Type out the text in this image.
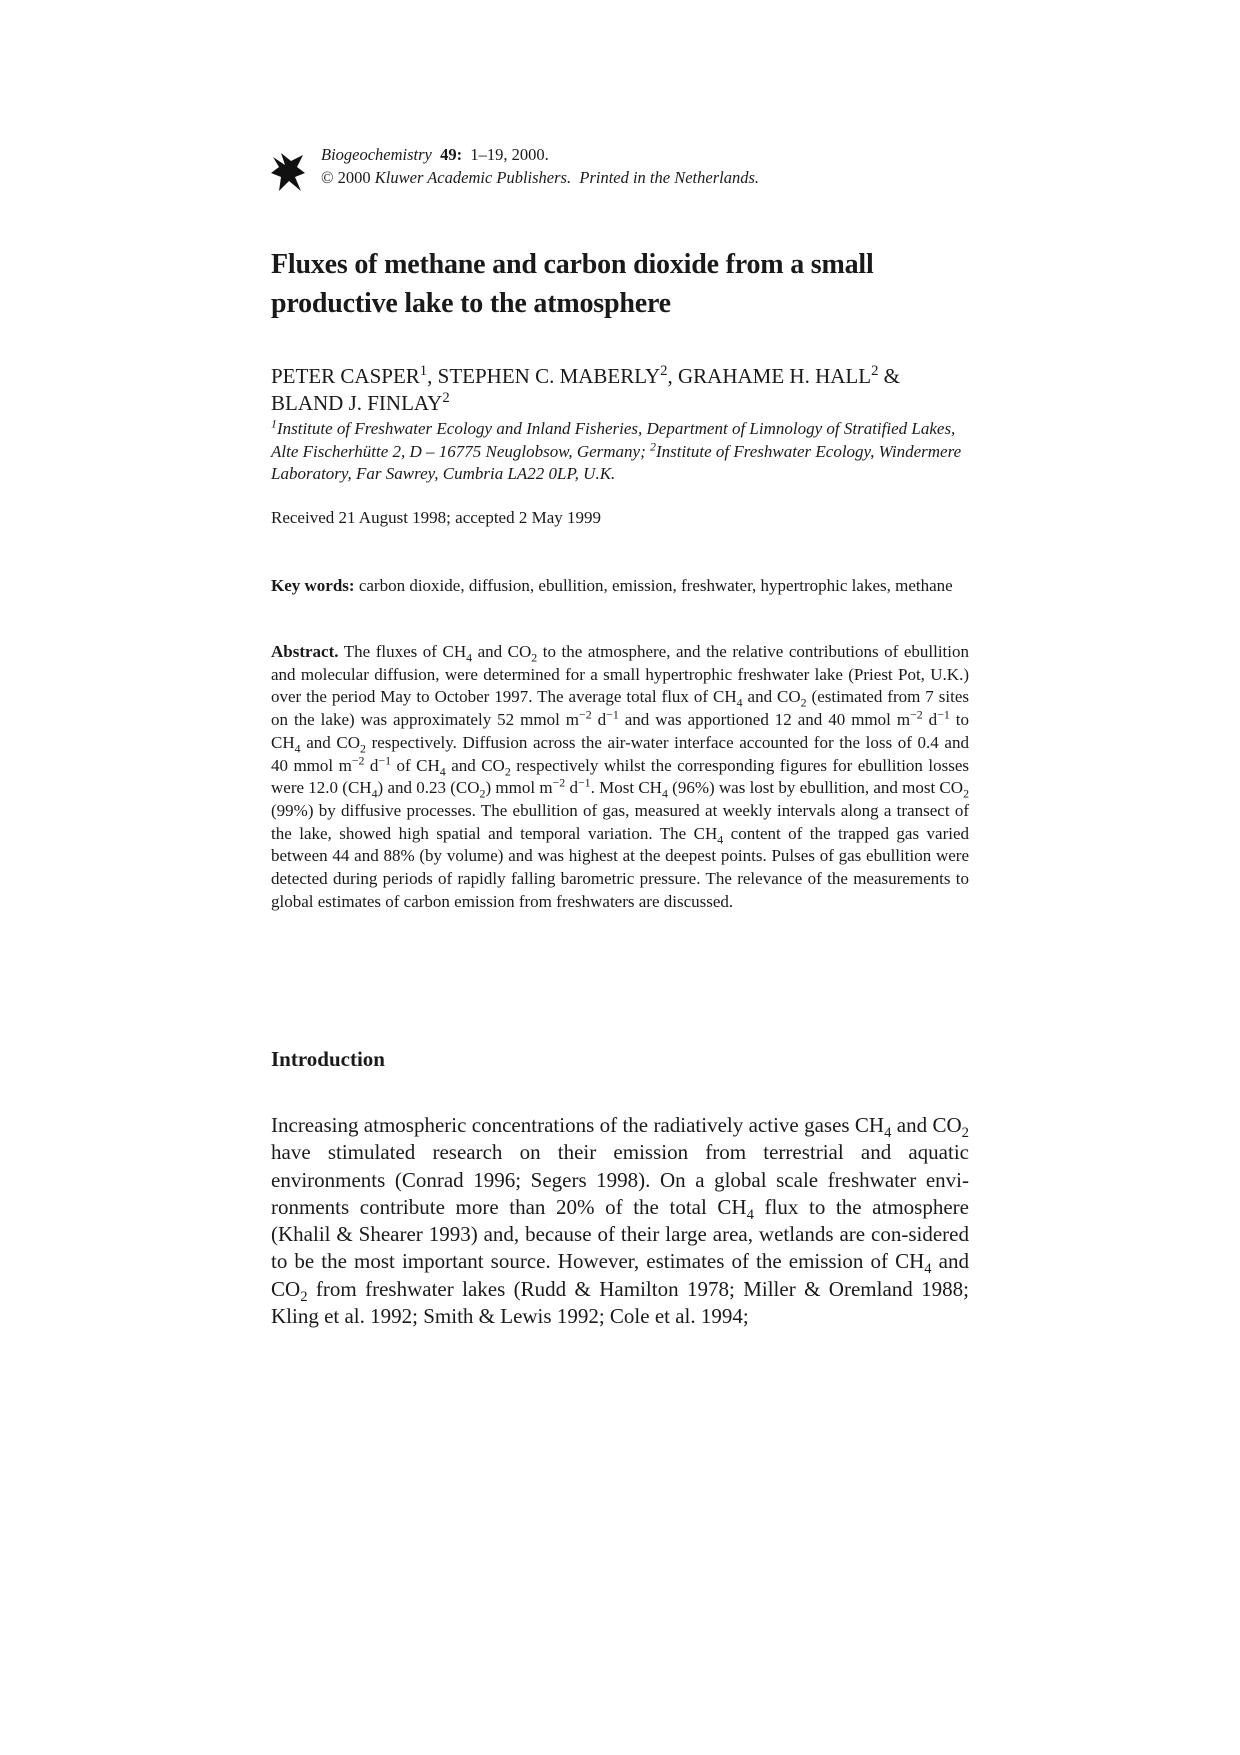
Biogeochemistry 49: 1–19, 2000.
© 2000 Kluwer Academic Publishers. Printed in the Netherlands.
Fluxes of methane and carbon dioxide from a small
productive lake to the atmosphere
PETER CASPER$^1$, STEPHEN C. MABERLY$^2$, GRAHAME H. HALL$^2$ &
BLAND J. FINLAY$^2$
$^1$Institute of Freshwater Ecology and Inland Fisheries, Department of Limnology of Stratified Lakes, Alte Fischerhütte 2, D – 16775 Neuglobsow, Germany; $^2$Institute of Freshwater Ecology, Windermere Laboratory, Far Sawrey, Cumbria LA22 0LP, U.K.
Received 21 August 1998; accepted 2 May 1999
Key words: carbon dioxide, diffusion, ebullition, emission, freshwater, hypertrophic lakes, methane
Abstract. The fluxes of $CH_4$ and $CO_2$ to the atmosphere, and the relative contributions of ebullition and molecular diffusion, were determined for a small hypertrophic freshwater lake (Priest Pot, U.K.) over the period May to October 1997. The average total flux of $CH_4$ and $CO_2$ (estimated from 7 sites on the lake) was approximately 52 mmol $m^{-2}$ $d^{-1}$ and was apportioned 12 and 40 mmol $m^{-2}$ $d^{-1}$ to $CH_4$ and $CO_2$ respectively. Diffusion across the air-water interface accounted for the loss of 0.4 and 40 mmol $m^{-2}$ $d^{-1}$ of $CH_4$ and $CO_2$ respectively whilst the corresponding figures for ebullition losses were 12.0 $(CH_4)$ and 0.23 $(CO_2)$ mmol $m^{-2}$ $d^{-1}$. Most $CH_4$ (96%) was lost by ebullition, and most $CO_2$ (99%) by diffusive processes. The ebullition of gas, measured at weekly intervals along a transect of the lake, showed high spatial and temporal variation. The $CH_4$ content of the trapped gas varied between 44 and 88% (by volume) and was highest at the deepest points. Pulses of gas ebullition were detected during periods of rapidly falling barometric pressure. The relevance of the measurements to global estimates of carbon emission from freshwaters are discussed.
Introduction
Increasing atmospheric concentrations of the radiatively active gases $CH_4$ and $CO_2$ have stimulated research on their emission from terrestrial and aquatic environments (Conrad 1996; Segers 1998). On a global scale freshwater envi-ronments contribute more than 20% of the total $CH_4$ flux to the atmosphere (Khalil & Shearer 1993) and, because of their large area, wetlands are con-sidered to be the most important source. However, estimates of the emission of $CH_4$ and $CO_2$ from freshwater lakes (Rudd & Hamilton 1978; Miller & Oremland 1988; Kling et al. 1992; Smith & Lewis 1992; Cole et al. 1994;
